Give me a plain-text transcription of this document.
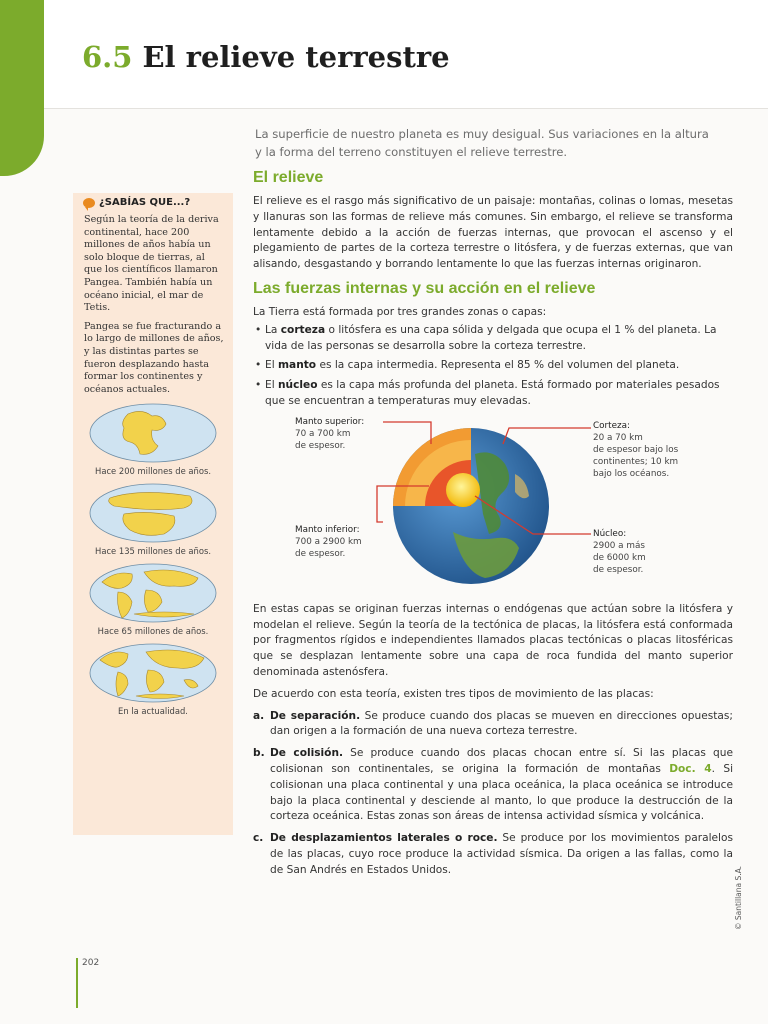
6.5 El relieve terrestre

La superficie de nuestro planeta es muy desigual. Sus variaciones en la altura y la forma del terreno constituyen el relieve terrestre.

El relieve

El relieve es el rasgo más significativo de un paisaje: montañas, colinas o lomas, mesetas y llanuras son las formas de relieve más comunes. Sin embargo, el relieve se transforma lentamente debido a la acción de fuerzas internas, que provocan el ascenso y el plegamiento de partes de la corteza terrestre o litósfera, y de fuerzas externas, que van alisando, desgastando y borrando lentamente lo que las fuerzas internas originaron.

Las fuerzas internas y su acción en el relieve

La Tierra está formada por tres grandes zonas o capas:

• La corteza o litósfera es una capa sólida y delgada que ocupa el 1 % del planeta. La vida de las personas se desarrolla sobre la corteza terrestre.
• El manto es la capa intermedia. Representa el 85 % del volumen del planeta.
• El núcleo es la capa más profunda del planeta. Está formado por materiales pesados que se encuentran a temperaturas muy elevadas.
Manto superior:
70 a 700 km
de espesor.
Manto inferior:
700 a 2900 km
de espesor.
Corteza:
20 a 70 km
de espesor bajo los
continentes; 10 km
bajo los océanos.
Núcleo:
2900 a más
de 6000 km
de espesor.

En estas capas se originan fuerzas internas o endógenas que actúan sobre la litósfera y modelan el relieve. Según la teoría de la tectónica de placas, la litósfera está conformada por fragmentos rígidos e independientes llamados placas tectónicas o placas litosféricas que se desplazan lentamente sobre una capa de roca fundida del manto superior denominada astenósfera.

De acuerdo con esta teoría, existen tres tipos de movimiento de las placas:

a. De separación. Se produce cuando dos placas se mueven en direcciones opuestas; dan origen a la formación de una nueva corteza terrestre.
b. De colisión. Se produce cuando dos placas chocan entre sí. Si las placas que colisionan son continentales, se origina la formación de montañas Doc. 4. Si colisionan una placa continental y una placa oceánica, la placa oceánica se introduce bajo la placa continental y desciende al manto, lo que produce la destrucción de la corteza oceánica. Estas zonas son áreas de intensa actividad sísmica y volcánica.
c. De desplazamientos laterales o roce. Se produce por los movimientos paralelos de las placas, cuyo roce produce la actividad sísmica. Da origen a las fallas, como la de San Andrés en Estados Unidos.
¿SABÍAS QUE...?

Según la teoría de la deriva continental, hace 200 millones de años había un solo bloque de tierras, al que los científicos llamaron Pangea. También había un océano inicial, el mar de Tetis.

Pangea se fue fracturando a lo largo de millones de años, y las distintas partes se fueron desplazando hasta formar los continentes y océanos actuales.

Hace 200 millones de años.

Hace 135 millones de años.

Hace 65 millones de años.

En la actualidad.

202
© Santillana S.A.
